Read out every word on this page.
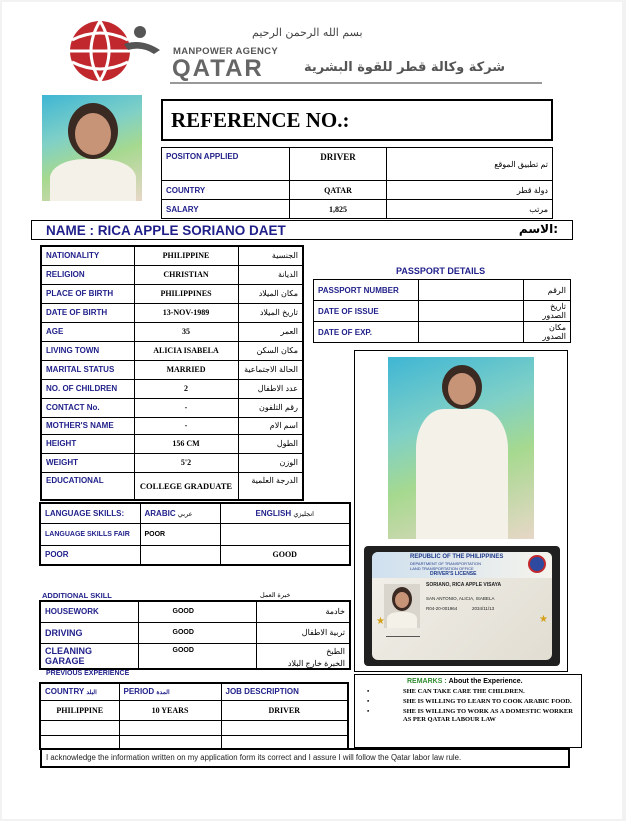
بسم الله الرحمن الرحيم
MANPOWER AGENCY
QATAR	شركة وكالة قطر للقوة البشرية
REFERENCE NO.:
POSITON APPLIED	DRIVER	تم تطبيق الموقع
COUNTRY	QATAR	دولة قطر
SALARY	1,825	مرتب
NAME : RICA APPLE SORIANO DAET	الاسم:
NATIONALITY	PHILIPPINE	الجنسية
RELIGION	CHRISTIAN	الديانة
PLACE OF BIRTH	PHILIPPINES	مكان الميلاد
DATE OF BIRTH	13-NOV-1989	تاريخ الميلاد
AGE	35	العمر
LIVING TOWN	ALICIA ISABELA	مكان السكن
MARITAL STATUS	MARRIED	الحالة الاجتماعية
NO. OF CHILDREN	2	عدد الاطفال
CONTACT No.	-	رقم التلفون
MOTHER'S NAME	-	اسم الام
HEIGHT	156 CM	الطول
WEIGHT	5'2	الوزن
EDUCATIONAL	COLLEGE GRADUATE	الدرجة العلمية
PASSPORT DETAILS
PASSPORT NUMBER		الرقم
DATE OF ISSUE		تاريخ الصدور
DATE OF EXP.		مكان الصدور
REPUBLIC OF THE PHILIPPINES
DEPARTMENT OF TRANSPORTATION
LAND TRANSPORTATION OFFICE
DRIVER'S LICENSE
SORIANO, RICA APPLE VISAYA
SAN ANTONIO, ALICIA, ISABELA
R04-20-001964	2034/11/13
★	★
LANGUAGE SKILLS:	ARABIC عربي	ENGLISH انجليزي
LANGUAGE SKILLS FAIR	POOR	
POOR		GOOD
ADDITIONAL SKILL	خبرة العمل
HOUSEWORK	GOOD	خادمة
DRIVING	GOOD	تربية الاطفال
CLEANING GARAGE	GOOD	الطبخ
الخبرة خارج البلاد
PREVIOUS EXPERIENCE
COUNTRY البلد	PERIOD المدة	JOB DESCRIPTION
PHILIPPINE	10 YEARS	DRIVER

REMARKS : About the Experience.
•	SHE CAN TAKE CARE THE CHILDREN.
•	SHE IS WILLING TO LEARN TO COOK ARABIC FOOD.
•	SHE IS WILLING TO WORK AS A DOMESTIC WORKER AS PER QATAR LABOUR LAW
I acknowledge the information written on my application form its correct and I assure I will follow the Qatar labor law rule.
